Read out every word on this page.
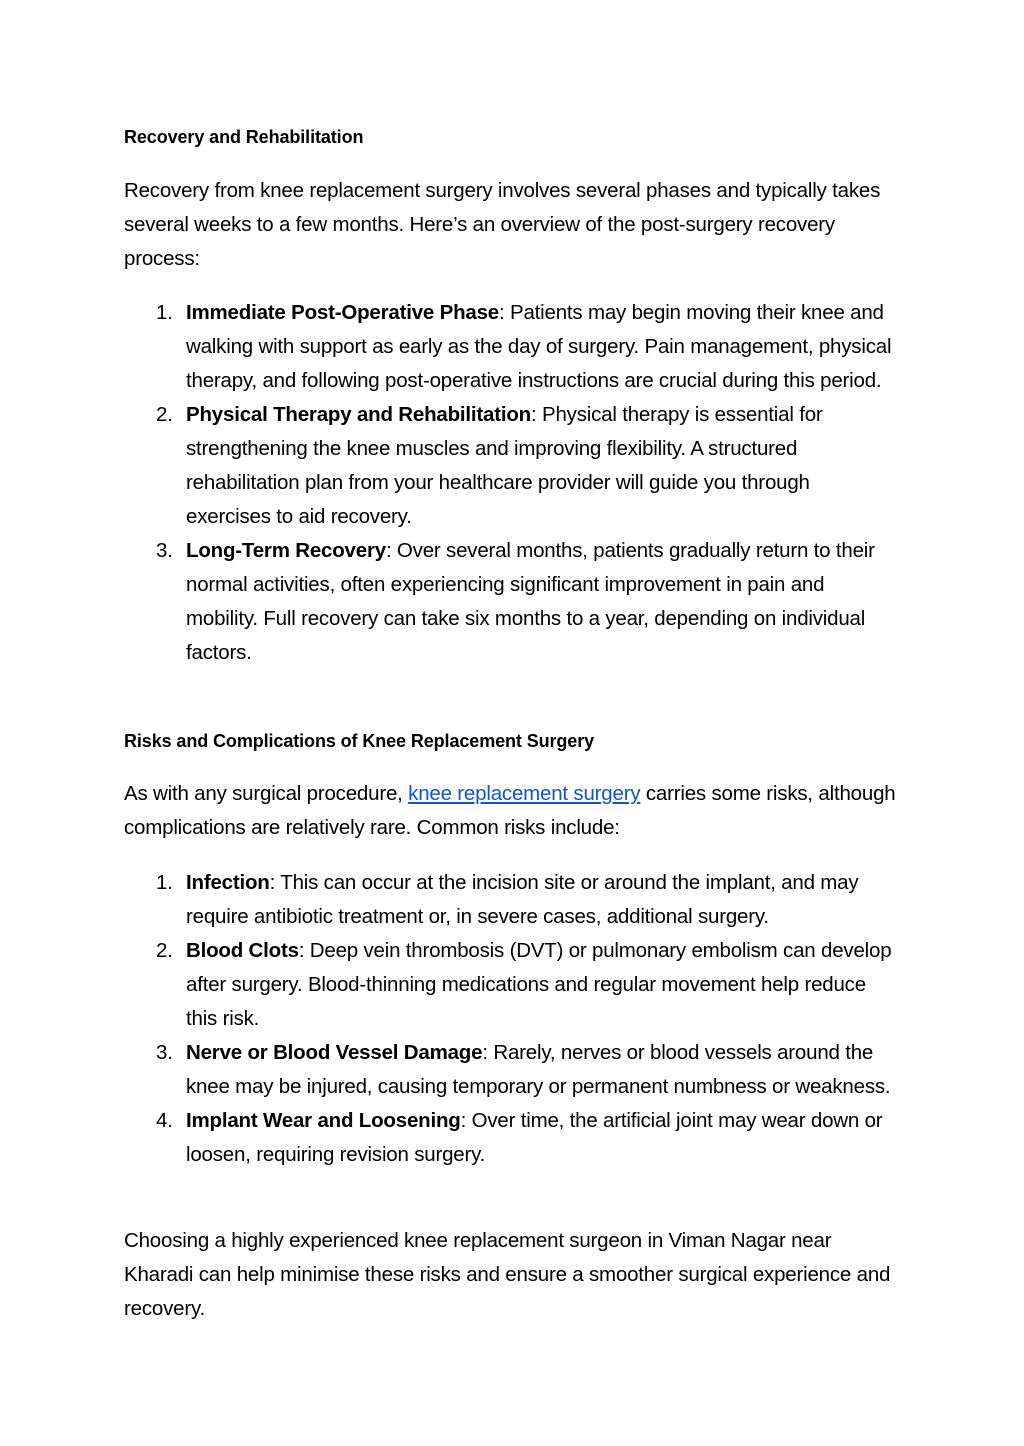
Recovery and Rehabilitation

Recovery from knee replacement surgery involves several phases and typically takes several weeks to a few months. Here’s an overview of the post-surgery recovery process:

1. Immediate Post-Operative Phase: Patients may begin moving their knee and walking with support as early as the day of surgery. Pain management, physical therapy, and following post-operative instructions are crucial during this period.
2. Physical Therapy and Rehabilitation: Physical therapy is essential for strengthening the knee muscles and improving flexibility. A structured rehabilitation plan from your healthcare provider will guide you through exercises to aid recovery.
3. Long-Term Recovery: Over several months, patients gradually return to their normal activities, often experiencing significant improvement in pain and mobility. Full recovery can take six months to a year, depending on individual factors.
Risks and Complications of Knee Replacement Surgery

As with any surgical procedure, knee replacement surgery carries some risks, although complications are relatively rare. Common risks include:

1. Infection: This can occur at the incision site or around the implant, and may require antibiotic treatment or, in severe cases, additional surgery.
2. Blood Clots: Deep vein thrombosis (DVT) or pulmonary embolism can develop after surgery. Blood-thinning medications and regular movement help reduce this risk.
3. Nerve or Blood Vessel Damage: Rarely, nerves or blood vessels around the knee may be injured, causing temporary or permanent numbness or weakness.
4. Implant Wear and Loosening: Over time, the artificial joint may wear down or loosen, requiring revision surgery.

Choosing a highly experienced knee replacement surgeon in Viman Nagar near Kharadi can help minimise these risks and ensure a smoother surgical experience and recovery.
